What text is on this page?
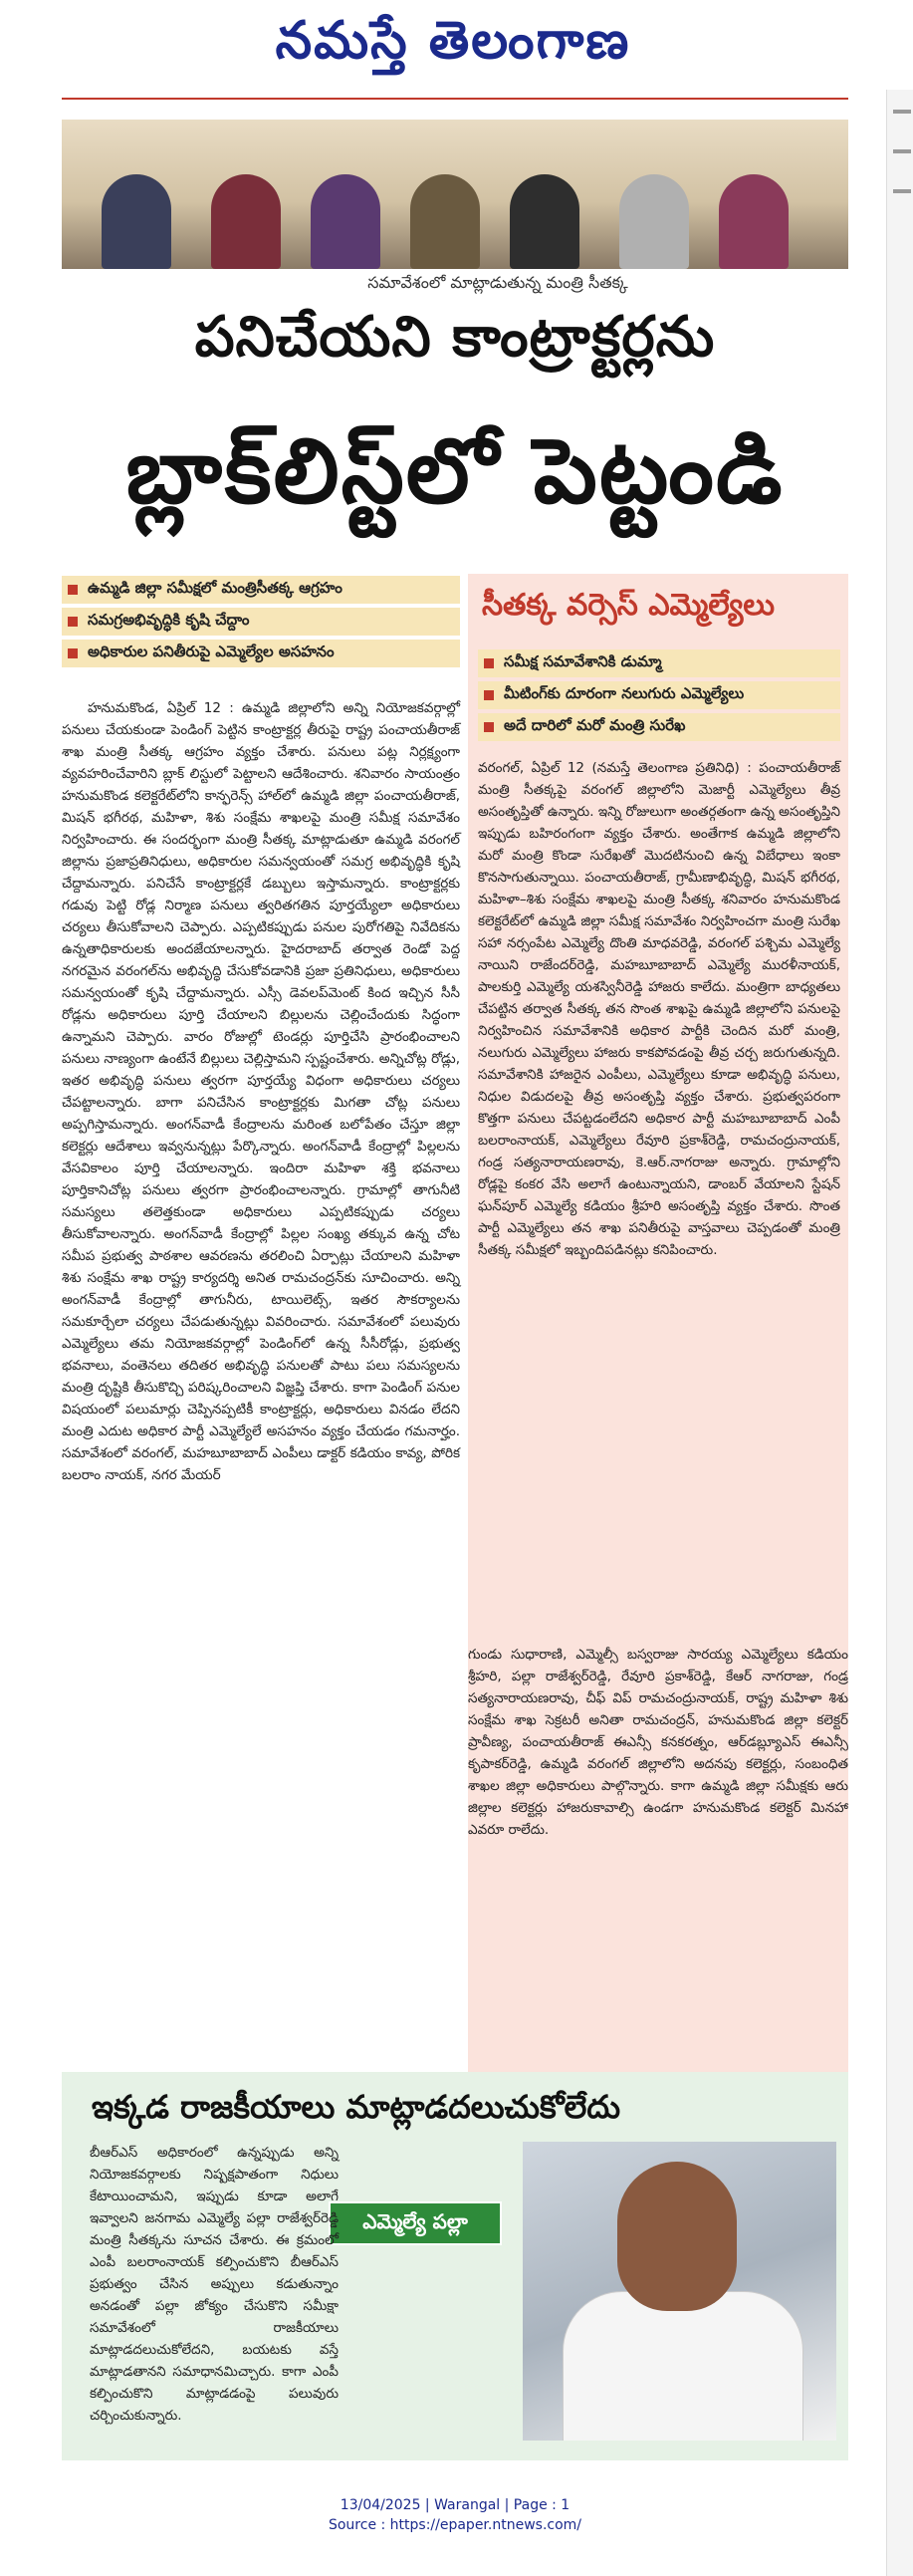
నమస్తే తెలంగాణ
సమావేశంలో మాట్లాడుతున్న మంత్రి సీతక్క
పనిచేయని కాంట్రాక్టర్లను
బ్లాక్‌లిస్ట్‌లో పెట్టండి
ఉమ్మడి జిల్లా సమీక్షలో మంత్రిసీతక్క ఆగ్రహం
సమగ్రఅభివృద్ధికి కృషి చేద్దాం
అధికారుల పనితీరుపై ఎమ్మెల్యేల అసహనం

హనుమకొండ, ఏప్రిల్ 12 : ఉమ్మడి జిల్లాలోని అన్ని నియోజకవర్గాల్లో పనులు చేయకుండా పెండింగ్ పెట్టిన కాంట్రాక్టర్ల తీరుపై రాష్ట్ర పంచాయతీరాజ్ శాఖ మంత్రి సీతక్క ఆగ్రహం వ్యక్తం చేశారు. పనులు పట్ల నిర్లక్ష్యంగా వ్యవహరించేవారిని బ్లాక్ లిస్టులో పెట్టాలని ఆదేశించారు. శనివారం సాయంత్రం హనుమకొండ కలెక్టరేట్‌లోని కాన్ఫరెన్స్ హాల్‌లో ఉమ్మడి జిల్లా పంచాయతీరాజ్, మిషన్ భగీరథ, మహిళా, శిశు సంక్షేమ శాఖలపై మంత్రి సమీక్ష సమావేశం నిర్వహించారు. ఈ సందర్భంగా మంత్రి సీతక్క మాట్లాడుతూ ఉమ్మడి వరంగల్ జిల్లాను ప్రజాప్రతినిధులు, అధికారుల సమన్వయంతో సమగ్ర అభివృద్ధికి కృషి చేద్దామన్నారు. పనిచేసే కాంట్రాక్టర్లకే డబ్బులు ఇస్తామన్నారు. కాంట్రాక్టర్లకు గడువు పెట్టి రోడ్ల నిర్మాణ పనులు త్వరితగతిన పూర్తయ్యేలా అధికారులు చర్యలు తీసుకోవాలని చెప్పారు. ఎప్పటికప్పుడు పనుల పురోగతిపై నివేదికను ఉన్నతాధికారులకు అందజేయాలన్నారు. హైదరాబాద్ తర్వాత రెండో పెద్ద నగరమైన వరంగల్‌ను అభివృద్ధి చేసుకోవడానికి ప్రజా ప్రతినిధులు, అధికారులు సమన్వయంతో కృషి చేద్దామన్నారు. ఎస్సీ డెవలప్‌మెంట్ కింద ఇచ్చిన సీసీ రోడ్లను అధికారులు పూర్తి చేయాలని బిల్లులను చెల్లించేందుకు సిద్ధంగా ఉన్నామని చెప్పారు. వారం రోజుల్లో టెండర్లు పూర్తిచేసి ప్రారంభించాలని పనులు నాణ్యంగా ఉంటేనే బిల్లులు చెల్లిస్తామని స్పష్టంచేశారు. అన్నిచోట్ల రోడ్లు, ఇతర అభివృద్ధి పనులు త్వరగా పూర్తయ్యే విధంగా అధికారులు చర్యలు చేపట్టాలన్నారు. బాగా పనిచేసిన కాంట్రాక్టర్లకు మిగతా చోట్ల పనులు అప్పగిస్తామన్నారు. అంగన్‌వాడీ కేంద్రాలను మరింత బలోపేతం చేస్తూ జిల్లా కలెక్టర్లు ఆదేశాలు ఇవ్వనున్నట్లు పేర్కొన్నారు. అంగన్‌వాడీ కేంద్రాల్లో పిల్లలను వేసవికాలం పూర్తి చేయాలన్నారు. ఇందిరా మహిళా శక్తి భవనాలు పూర్తికానిచోట్ల పనులు త్వరగా ప్రారంభించాలన్నారు. గ్రామాల్లో తాగునీటి సమస్యలు తలెత్తకుండా అధికారులు ఎప్పటికప్పుడు చర్యలు తీసుకోవాలన్నారు. అంగన్‌వాడీ కేంద్రాల్లో పిల్లల సంఖ్య తక్కువ ఉన్న చోట సమీప ప్రభుత్వ పాఠశాల ఆవరణను తరలించి ఏర్పాట్లు చేయాలని మహిళా శిశు సంక్షేమ శాఖ రాష్ట్ర కార్యదర్శి అనిత రామచంద్రన్‌కు సూచించారు. అన్ని అంగన్‌వాడీ కేంద్రాల్లో తాగునీరు, టాయిలెట్స్, ఇతర సౌకర్యాలను సమకూర్చేలా చర్యలు చేపడుతున్నట్లు వివరించారు. సమావేశంలో పలువురు ఎమ్మెల్యేలు తమ నియోజకవర్గాల్లో పెండింగ్‌లో ఉన్న సీసీరోడ్లు, ప్రభుత్వ భవనాలు, వంతెనలు తదితర అభివృద్ధి పనులతో పాటు పలు సమస్యలను మంత్రి దృష్టికి తీసుకొచ్చి పరిష్కరించాలని విజ్ఞప్తి చేశారు. కాగా పెండింగ్ పనుల విషయంలో పలుమార్లు చెప్పినప్పటికీ కాంట్రాక్టర్లు, అధికారులు వినడం లేదని మంత్రి ఎదుట అధికార పార్టీ ఎమ్మెల్యేలే అసహనం వ్యక్తం చేయడం గమనార్హం. సమావేశంలో వరంగల్, మహబూబాబాద్ ఎంపీలు డాక్టర్ కడియం కావ్య, పోరిక బలరాం నాయక్, నగర మేయర్

సీతక్క వర్సెస్ ఎమ్మెల్యేలు
సమీక్ష సమావేశానికి డుమ్మా
మీటింగ్‌కు దూరంగా నలుగురు ఎమ్మెల్యేలు
అదే దారిలో మరో మంత్రి సురేఖ

వరంగల్, ఏప్రిల్ 12 (నమస్తే తెలంగాణ ప్రతినిధి) : పంచాయతీరాజ్ మంత్రి సీతక్కపై వరంగల్ జిల్లాలోని మెజార్టీ ఎమ్మెల్యేలు తీవ్ర అసంతృప్తితో ఉన్నారు. ఇన్ని రోజులుగా అంతర్గతంగా ఉన్న అసంతృప్తిని ఇప్పుడు బహిరంగంగా వ్యక్తం చేశారు. అంతేగాక ఉమ్మడి జిల్లాలోని మరో మంత్రి కొండా సురేఖతో మొదటినుంచి ఉన్న విబేధాలు ఇంకా కొనసాగుతున్నాయి. పంచాయతీరాజ్, గ్రామీణాభివృద్ధి, మిషన్ భగీరథ, మహిళా–శిశు సంక్షేమ శాఖలపై మంత్రి సీతక్క శనివారం హనుమకొండ కలెక్టరేట్‌లో ఉమ్మడి జిల్లా సమీక్ష సమావేశం నిర్వహించగా మంత్రి సురేఖ సహా నర్సంపేట ఎమ్మెల్యే దొంతి మాధవరెడ్డి, వరంగల్ పశ్చిమ ఎమ్మెల్యే నాయిని రాజేందర్‌రెడ్డి, మహబూబాబాద్ ఎమ్మెల్యే మురళీనాయక్, పాలకుర్తి ఎమ్మెల్యే యశస్వినీరెడ్డి హాజరు కాలేదు. మంత్రిగా బాధ్యతలు చేపట్టిన తర్వాత సీతక్క తన సొంత శాఖపై ఉమ్మడి జిల్లాలోని పనులపై నిర్వహించిన సమావేశానికి అధికార పార్టీకి చెందిన మరో మంత్రి, నలుగురు ఎమ్మెల్యేలు హాజరు కాకపోవడంపై తీవ్ర చర్చ జరుగుతున్నది. సమావేశానికి హాజరైన ఎంపీలు, ఎమ్మెల్యేలు కూడా అభివృద్ధి పనులు, నిధుల విడుదలపై తీవ్ర అసంతృప్తి వ్యక్తం చేశారు. ప్రభుత్వపరంగా కొత్తగా పనులు చేపట్టడంలేదని అధికార పార్టీ మహబూబాబాద్ ఎంపీ బలరాంనాయక్, ఎమ్మెల్యేలు రేవూరి ప్రకాశ్‌రెడ్డి, రామచంద్రునాయక్, గండ్ర సత్యనారాయణరావు, కె.ఆర్.నాగరాజు అన్నారు. గ్రామాల్లోని రోడ్లపై కంకర వేసి అలాగే ఉంటున్నాయని, డాంబర్ వేయాలని స్టేషన్ ఘన్‌పూర్ ఎమ్మెల్యే కడియం శ్రీహరి అసంతృప్తి వ్యక్తం చేశారు. సొంత పార్టీ ఎమ్మెల్యేలు తన శాఖ పనితీరుపై వాస్తవాలు చెప్పడంతో మంత్రి సీతక్క సమీక్షలో ఇబ్బందిపడినట్లు కనిపించారు.

ఇక్కడ రాజకీయాలు మాట్లాడదలుచుకోలేదు

గుండు సుధారాణి, ఎమ్మెల్సీ బస్వరాజు సారయ్య ఎమ్మెల్యేలు కడియం శ్రీహరి, పల్లా రాజేశ్వర్‌రెడ్డి, రేవూరి ప్రకాశ్‌రెడ్డి, కేఆర్ నాగరాజు, గండ్ర సత్యనారాయణరావు, చీఫ్ విప్ రామచంద్రునాయక్, రాష్ట్ర మహిళా శిశు సంక్షేమ శాఖ సెక్రటరీ అనితా రామచంద్రన్, హనుమకొండ జిల్లా కలెక్టర్ ప్రావీణ్య, పంచాయతీరాజ్ ఈఎన్సీ కనకరత్నం, ఆర్‌డబ్ల్యూఎస్ ఈఎన్సీ కృపాకర్‌రెడ్డి, ఉమ్మడి వరంగల్ జిల్లాలోని అదనపు కలెక్టర్లు, సంబంధిత శాఖల జిల్లా అధికారులు పాల్గొన్నారు. కాగా ఉమ్మడి జిల్లా సమీక్షకు ఆరు జిల్లాల కలెక్టర్లు హాజరుకావాల్సి ఉండగా హనుమకొండ కలెక్టర్ మినహా ఎవరూ రాలేదు.

ఎమ్మెల్యే పల్లా

బీఆర్‌ఎస్ అధికారంలో ఉన్నప్పుడు అన్ని నియోజకవర్గాలకు నిష్పక్షపాతంగా నిధులు కేటాయించామని, ఇప్పుడు కూడా అలాగే ఇవ్వాలని జనగామ ఎమ్మెల్యే పల్లా రాజేశ్వర్‌రెడ్డి మంత్రి సీతక్కను సూచన చేశారు. ఈ క్రమంలో ఎంపీ బలరాంనాయక్ కల్పించుకొని బీఆర్‌ఎస్ ప్రభుత్వం చేసిన అప్పులు కడుతున్నాం అనడంతో పల్లా జోక్యం చేసుకొని సమీక్షా సమావేశంలో రాజకీయాలు మాట్లాడదలుచుకోలేదని, బయటకు వస్తే మాట్లాడతానని సమాధానమిచ్చారు. కాగా ఎంపీ కల్పించుకొని మాట్లాడడంపై పలువురు చర్చించుకున్నారు.

13/04/2025 | Warangal | Page : 1
Source : https://epaper.ntnews.com/
